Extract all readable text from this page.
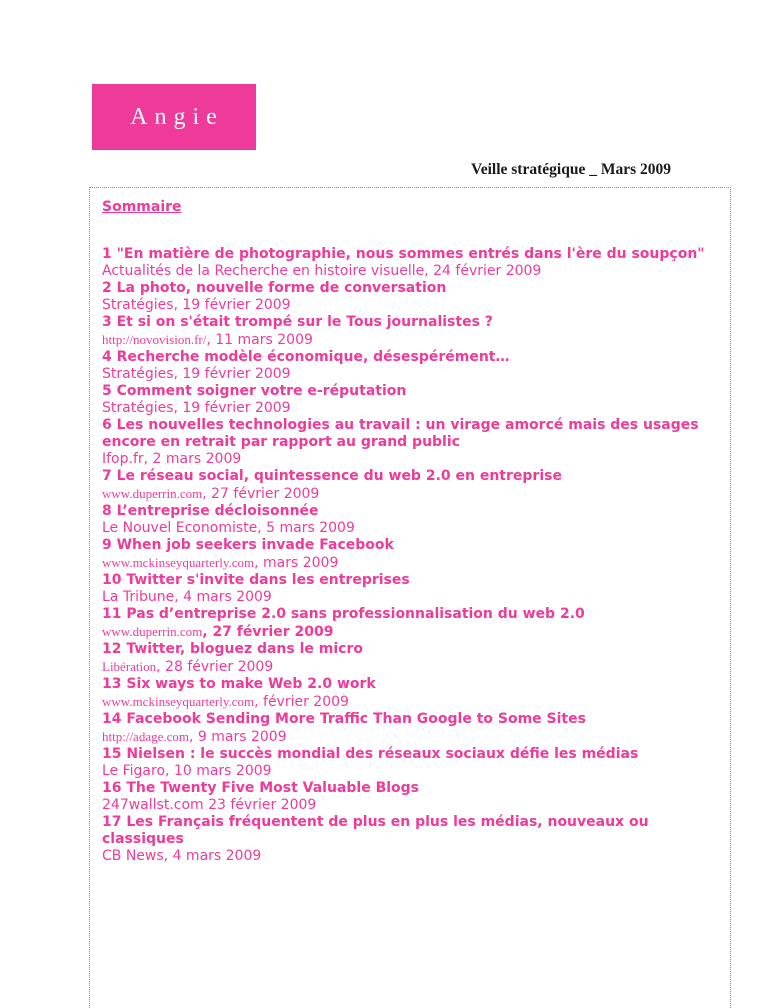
Angie
Veille stratégique _ Mars 2009
Sommaire
1 "En matière de photographie, nous sommes entrés dans l'ère du soupçon"
Actualités de la Recherche en histoire visuelle, 24 février 2009
2 La photo, nouvelle forme de conversation
Stratégies, 19 février 2009
3 Et si on s'était trompé sur le Tous journalistes ?
http://novovision.fr/, 11 mars 2009
4 Recherche modèle économique, désespérément…
Stratégies, 19 février 2009
5 Comment soigner votre e-réputation
Stratégies, 19 février 2009
6 Les nouvelles technologies au travail : un virage amorcé mais des usages encore en retrait par rapport au grand public
Ifop.fr, 2 mars 2009
7 Le réseau social, quintessence du web 2.0 en entreprise
www.duperrin.com, 27 février 2009
8 L’entreprise décloisonnée
Le Nouvel Economiste, 5 mars 2009
9 When job seekers invade Facebook
www.mckinseyquarterly.com, mars 2009
10 Twitter s'invite dans les entreprises
La Tribune, 4 mars 2009
11 Pas d’entreprise 2.0 sans professionnalisation du web 2.0
www.duperrin.com, 27 février 2009
12 Twitter, bloguez dans le micro
Libération, 28 février 2009
13 Six ways to make Web 2.0 work
www.mckinseyquarterly.com, février 2009
14 Facebook Sending More Traffic Than Google to Some Sites
http://adage.com, 9 mars 2009
15 Nielsen : le succès mondial des réseaux sociaux défie les médias
Le Figaro, 10 mars 2009
16 The Twenty Five Most Valuable Blogs
247wallst.com 23 février 2009
17 Les Français fréquentent de plus en plus les médias, nouveaux ou classiques
CB News, 4 mars 2009
